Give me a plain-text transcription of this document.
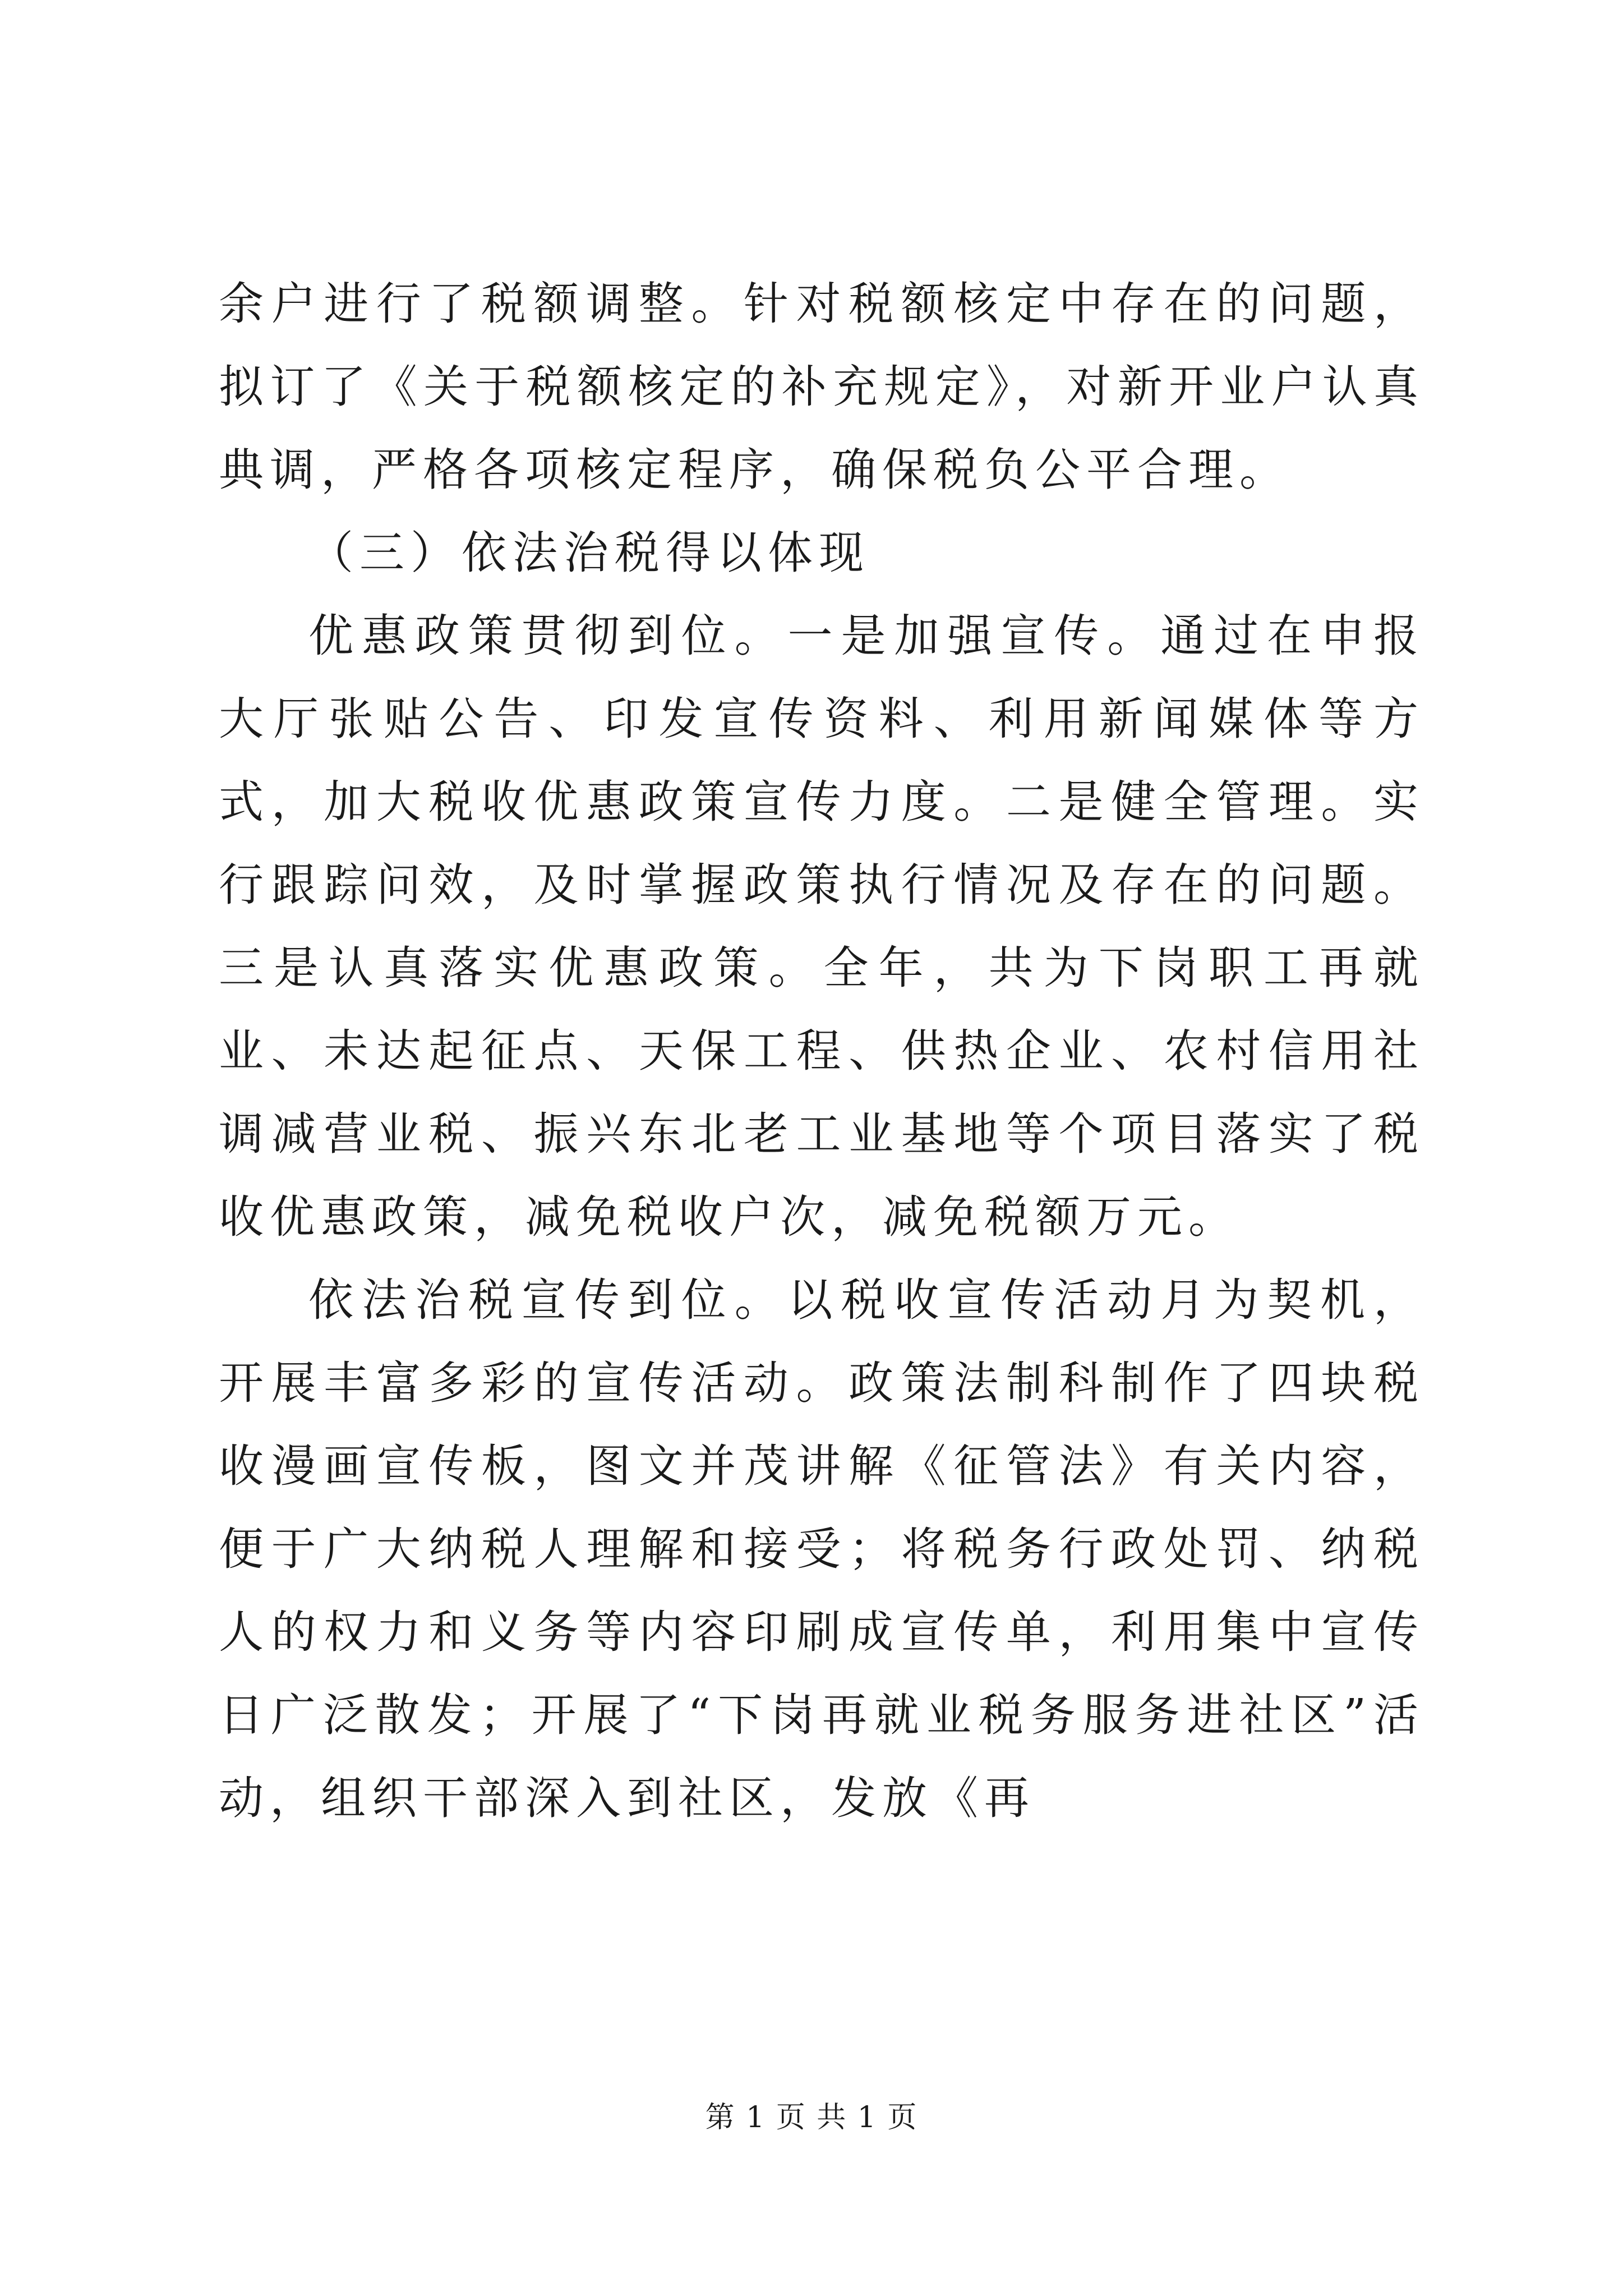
余户进行了税额调整。针对税额核定中存在的问题，拟订了《关于税额核定的补充规定》，对新开业户认真典调，严格各项核定程序，确保税负公平合理。

（三）依法治税得以体现

优惠政策贯彻到位。一是加强宣传。通过在申报大厅张贴公告、印发宣传资料、利用新闻媒体等方式，加大税收优惠政策宣传力度。二是健全管理。实行跟踪问效，及时掌握政策执行情况及存在的问题。三是认真落实优惠政策。全年，共为下岗职工再就业、未达起征点、天保工程、供热企业、农村信用社调减营业税、振兴东北老工业基地等个项目落实了税收优惠政策，减免税收户次，减免税额万元。

依法治税宣传到位。以税收宣传活动月为契机，开展丰富多彩的宣传活动。政策法制科制作了四块税收漫画宣传板，图文并茂讲解《征管法》有关内容，便于广大纳税人理解和接受；将税务行政处罚、纳税人的权力和义务等内容印刷成宣传单，利用集中宣传日广泛散发；开展了“下岗再就业税务服务进社区”活动，组织干部深入到社区，发放《再

第 1 页 共 1 页
